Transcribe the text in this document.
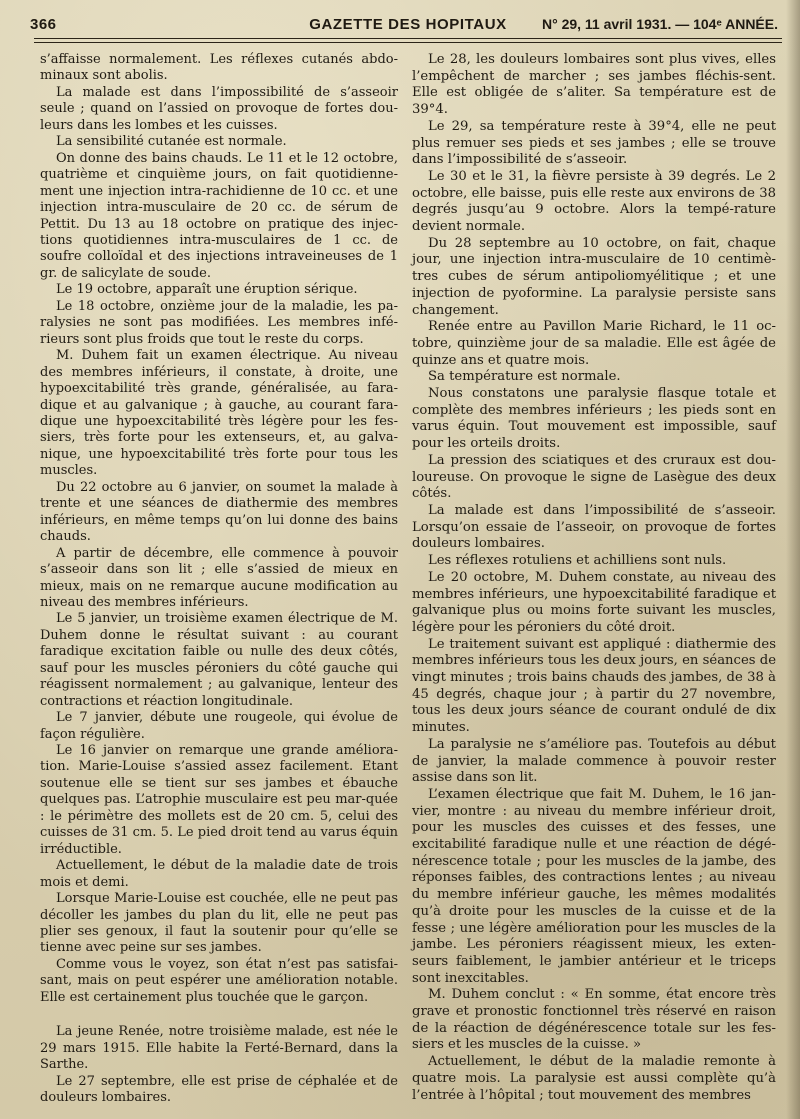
366	GAZETTE DES HOPITAUX	N° 29, 11 avril 1931. — 104ᵉ ANNÉE.

s’affaisse normalement. Les réflexes cutanés abdo-minaux sont abolis.

La malade est dans l’impossibilité de s’asseoir seule ; quand on l’assied on provoque de fortes dou-leurs dans les lombes et les cuisses.

La sensibilité cutanée est normale.

On donne des bains chauds. Le 11 et le 12 octobre, quatrième et cinquième jours, on fait quotidienne-ment une injection intra-rachidienne de 10 cc. et une injection intra-musculaire de 20 cc. de sérum de Pettit. Du 13 au 18 octobre on pratique des injec-tions quotidiennes intra-musculaires de 1 cc. de soufre colloïdal et des injections intraveineuses de 1 gr. de salicylate de soude.

Le 19 octobre, apparaît une éruption sérique.

Le 18 octobre, onzième jour de la maladie, les pa-ralysies ne sont pas modifiées. Les membres infé-rieurs sont plus froids que tout le reste du corps.

M. Duhem fait un examen électrique. Au niveau des membres inférieurs, il constate, à droite, une hypoexcitabilité très grande, généralisée, au fara-dique et au galvanique ; à gauche, au courant fara-dique une hypoexcitabilité très légère pour les fes-siers, très forte pour les extenseurs, et, au galva-nique, une hypoexcitabilité très forte pour tous les muscles.

Du 22 octobre au 6 janvier, on soumet la malade à trente et une séances de diathermie des membres inférieurs, en même temps qu’on lui donne des bains chauds.

A partir de décembre, elle commence à pouvoir s’asseoir dans son lit ; elle s’assied de mieux en mieux, mais on ne remarque aucune modification au niveau des membres inférieurs.

Le 5 janvier, un troisième examen électrique de M. Duhem donne le résultat suivant : au courant faradique excitation faible ou nulle des deux côtés, sauf pour les muscles péroniers du côté gauche qui réagissent normalement ; au galvanique, lenteur des contractions et réaction longitudinale.

Le 7 janvier, débute une rougeole, qui évolue de façon régulière.

Le 16 janvier on remarque une grande améliora-tion. Marie-Louise s’assied assez facilement. Etant soutenue elle se tient sur ses jambes et ébauche quelques pas. L’atrophie musculaire est peu mar-quée : le périmètre des mollets est de 20 cm. 5, celui des cuisses de 31 cm. 5. Le pied droit tend au varus équin irréductible.

Actuellement, le début de la maladie date de trois mois et demi.

Lorsque Marie-Louise est couchée, elle ne peut pas décoller les jambes du plan du lit, elle ne peut pas plier ses genoux, il faut la soutenir pour qu’elle se tienne avec peine sur ses jambes.

Comme vous le voyez, son état n’est pas satisfai-sant, mais on peut espérer une amélioration notable. Elle est certainement plus touchée que le garçon.

La jeune Renée, notre troisième malade, est née le 29 mars 1915. Elle habite la Ferté-Bernard, dans la Sarthe.

Le 27 septembre, elle est prise de céphalée et de douleurs lombaires.

Le 28, les douleurs lombaires sont plus vives, elles l’empêchent de marcher ; ses jambes fléchis-sent. Elle est obligée de s’aliter. Sa température est de 39°4.

Le 29, sa température reste à 39°4, elle ne peut plus remuer ses pieds et ses jambes ; elle se trouve dans l’impossibilité de s’asseoir.

Le 30 et le 31, la fièvre persiste à 39 degrés. Le 2 octobre, elle baisse, puis elle reste aux environs de 38 degrés jusqu’au 9 octobre. Alors la tempé-rature devient normale.

Du 28 septembre au 10 octobre, on fait, chaque jour, une injection intra-musculaire de 10 centimè-tres cubes de sérum antipoliomyélitique ; et une injection de pyoformine. La paralysie persiste sans changement.

Renée entre au Pavillon Marie Richard, le 11 oc-tobre, quinzième jour de sa maladie. Elle est âgée de quinze ans et quatre mois.

Sa température est normale.

Nous constatons une paralysie flasque totale et complète des membres inférieurs ; les pieds sont en varus équin. Tout mouvement est impossible, sauf pour les orteils droits.

La pression des sciatiques et des cruraux est dou-loureuse. On provoque le signe de Lasègue des deux côtés.

La malade est dans l’impossibilité de s’asseoir. Lorsqu’on essaie de l’asseoir, on provoque de fortes douleurs lombaires.

Les réflexes rotuliens et achilliens sont nuls.

Le 20 octobre, M. Duhem constate, au niveau des membres inférieurs, une hypoexcitabilité faradique et galvanique plus ou moins forte suivant les muscles, légère pour les péroniers du côté droit.

Le traitement suivant est appliqué : diathermie des membres inférieurs tous les deux jours, en séances de vingt minutes ; trois bains chauds des jambes, de 38 à 45 degrés, chaque jour ; à partir du 27 novembre, tous les deux jours séance de courant ondulé de dix minutes.

La paralysie ne s’améliore pas. Toutefois au début de janvier, la malade commence à pouvoir rester assise dans son lit.

L’examen électrique que fait M. Duhem, le 16 jan-vier, montre : au niveau du membre inférieur droit, pour les muscles des cuisses et des fesses, une excitabilité faradique nulle et une réaction de dégé-nérescence totale ; pour les muscles de la jambe, des réponses faibles, des contractions lentes ; au niveau du membre inférieur gauche, les mêmes modalités qu’à droite pour les muscles de la cuisse et de la fesse ; une légère amélioration pour les muscles de la jambe. Les péroniers réagissent mieux, les exten-seurs faiblement, le jambier antérieur et le triceps sont inexcitables.

M. Duhem conclut : « En somme, état encore très grave et pronostic fonctionnel très réservé en raison de la réaction de dégénérescence totale sur les fes-siers et les muscles de la cuisse. »

Actuellement, le début de la maladie remonte à quatre mois. La paralysie est aussi complète qu’à l’entrée à l’hôpital ; tout mouvement des membres
